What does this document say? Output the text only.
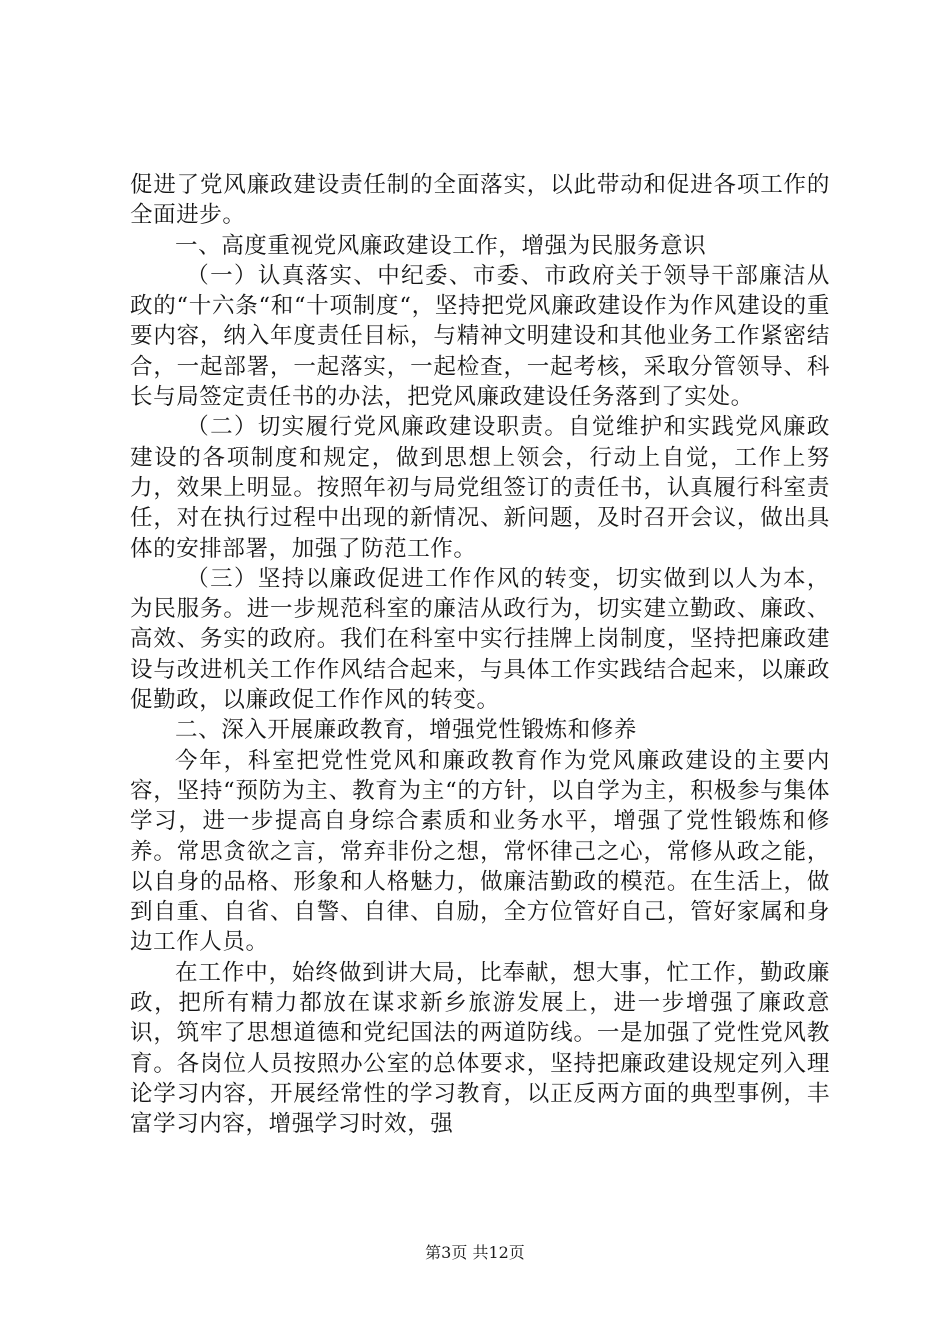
促进了党风廉政建设责任制的全面落实，以此带动和促进各项工作的全面进步。

一、高度重视党风廉政建设工作，增强为民服务意识

（一）认真落实、中纪委、市委、市政府关于领导干部廉洁从政的“十六条“和“十项制度“，坚持把党风廉政建设作为作风建设的重要内容，纳入年度责任目标，与精神文明建设和其他业务工作紧密结合，一起部署，一起落实，一起检查，一起考核，采取分管领导、科长与局签定责任书的办法，把党风廉政建设任务落到了实处。

（二）切实履行党风廉政建设职责。自觉维护和实践党风廉政建设的各项制度和规定，做到思想上领会，行动上自觉，工作上努力，效果上明显。按照年初与局党组签订的责任书，认真履行科室责任，对在执行过程中出现的新情况、新问题，及时召开会议，做出具体的安排部署，加强了防范工作。

（三）坚持以廉政促进工作作风的转变，切实做到以人为本，为民服务。进一步规范科室的廉洁从政行为，切实建立勤政、廉政、高效、务实的政府。我们在科室中实行挂牌上岗制度，坚持把廉政建设与改进机关工作作风结合起来，与具体工作实践结合起来，以廉政促勤政，以廉政促工作作风的转变。

二、深入开展廉政教育，增强党性锻炼和修养

今年，科室把党性党风和廉政教育作为党风廉政建设的主要内容，坚持“预防为主、教育为主“的方针，以自学为主，积极参与集体学习，进一步提高自身综合素质和业务水平，增强了党性锻炼和修养。常思贪欲之言，常弃非份之想，常怀律己之心，常修从政之能，以自身的品格、形象和人格魅力，做廉洁勤政的模范。在生活上，做到自重、自省、自警、自律、自励，全方位管好自己，管好家属和身边工作人员。

在工作中，始终做到讲大局，比奉献，想大事，忙工作，勤政廉政，把所有精力都放在谋求新乡旅游发展上，进一步增强了廉政意识，筑牢了思想道德和党纪国法的两道防线。一是加强了党性党风教育。各岗位人员按照办公室的总体要求，坚持把廉政建设规定列入理论学习内容，开展经常性的学习教育，以正反两方面的典型事例，丰富学习内容，增强学习时效，强

第3页 共12页
